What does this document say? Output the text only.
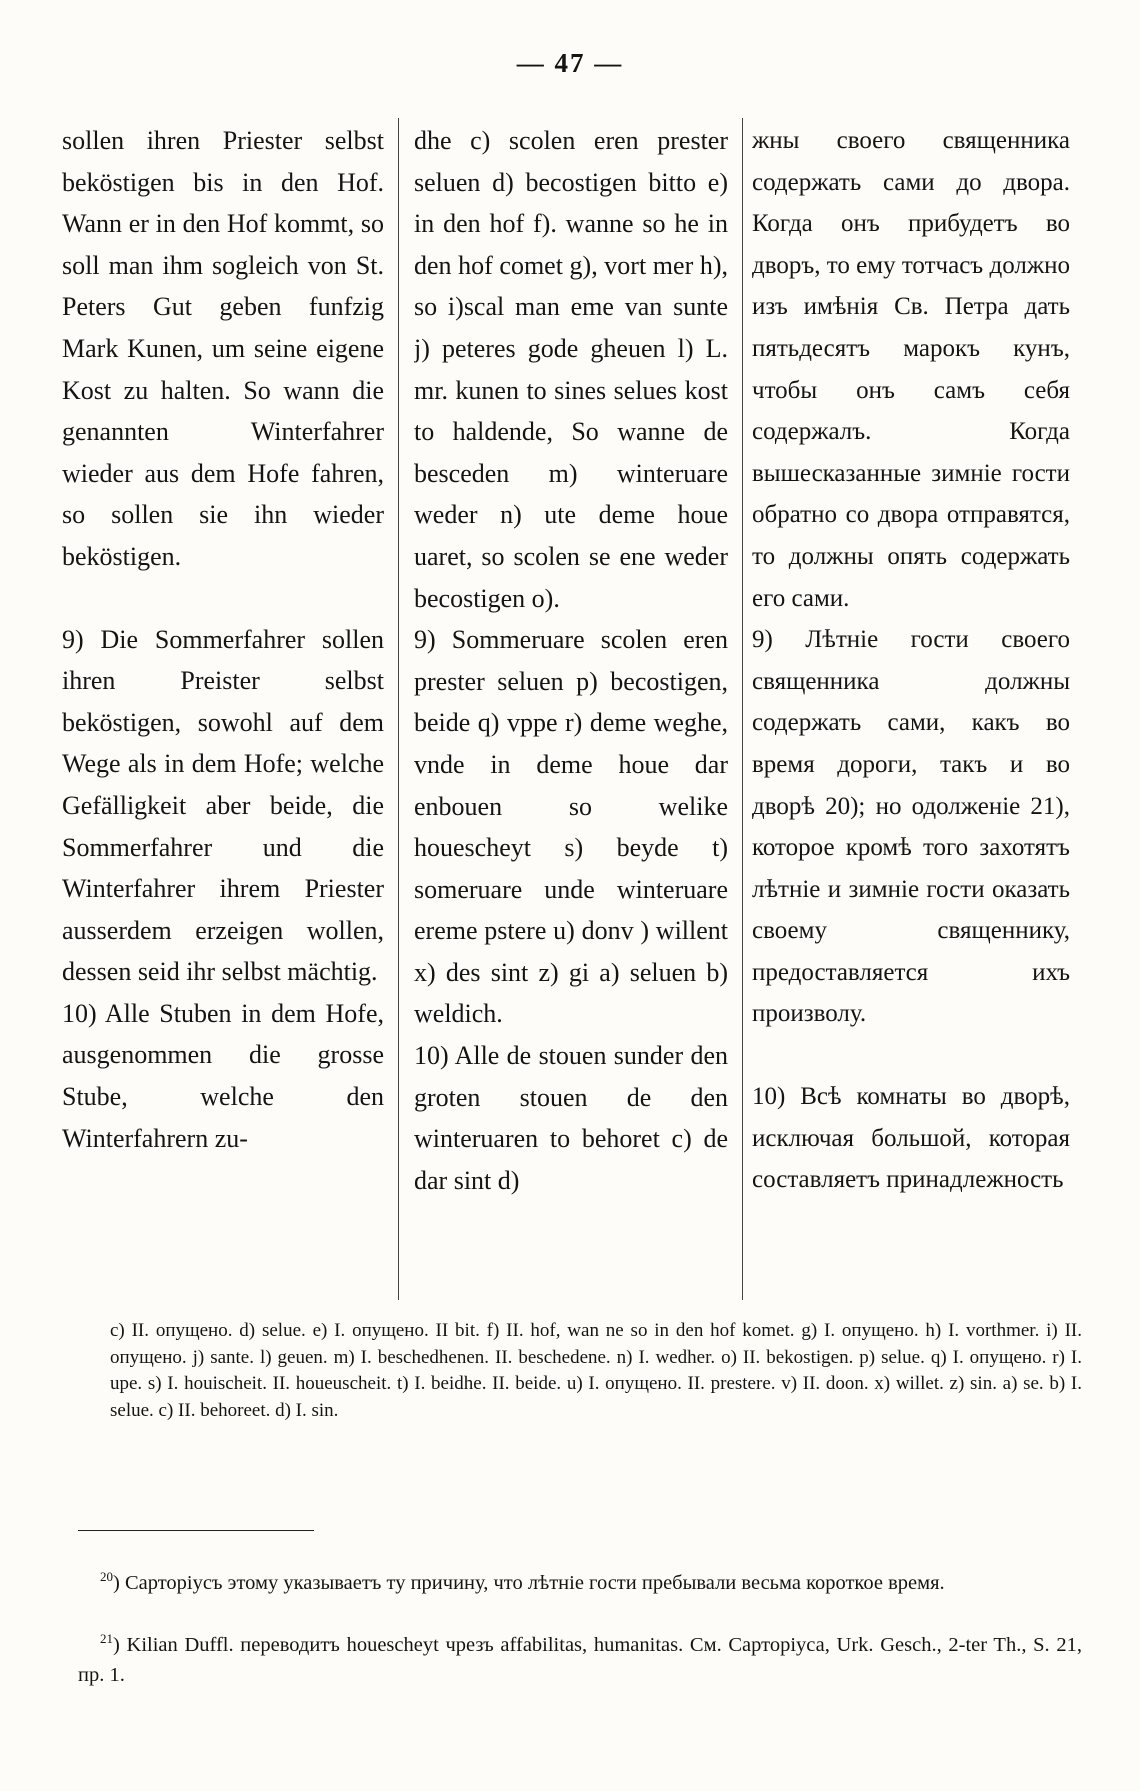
— 47 —

sollen ihren Priester selbst beköstigen bis in den Hof. Wann er in den Hof kommt, so soll man ihm sogleich von St. Peters Gut geben funfzig Mark Kunen, um seine eigene Kost zu halten. So wann die genannten Winterfahrer wieder aus dem Hofe fahren, so sollen sie ihn wieder beköstigen.

9) Die Sommerfahrer sollen ihren Preister selbst beköstigen, sowohl auf dem Wege als in dem Hofe; welche Gefälligkeit aber beide, die Sommerfahrer und die Winterfahrer ihrem Priester ausserdem erzeigen wollen, dessen seid ihr selbst mächtig.

10) Alle Stuben in dem Hofe, ausgenommen die grosse Stube, welche den Winterfahrern zu-

dhe c) scolen eren prester seluen d) becostigen bitto e) in den hof f). wanne so he in den hof comet g), vort mer h), so i)scal man eme van sunte j) peteres gode gheuen l) L. mr. kunen to sines selues kost to haldende, So wanne de besceden m) winteruare weder n) ute deme houe uaret, so scolen se ene weder becostigen o).

9) Sommeruare scolen eren prester seluen p) becostigen, beide q) vppe r) deme weghe, vnde in deme houe dar enbouen so welike houescheyt s) beyde t) someruare unde winteruare ereme pstere u) donv ) willent x) des sint z) gi a) seluen b) weldich.

10) Alle de stouen sunder den groten stouen de den winteruaren to behoret c) de dar sint d)

жны своего священника содержать сами до двора. Когда онъ прибудетъ во дворъ, то ему тотчасъ должно изъ имѣнія Св. Петра дать пятьдесятъ марокъ кунъ, чтобы онъ самъ себя содержалъ. Когда вышесказанные зимніе гости обратно со двора отправятся, то должны опять содержать его сами.

9) Лѣтніе гости своего священника должны содержать сами, какъ во время дороги, такъ и во дворѣ 20); но одолженіе 21), которое кромѣ того захотятъ лѣтніе и зимніе гости оказать своему священнику, предоставляется ихъ произволу.

10) Всѣ комнаты во дворѣ, исключая большой, которая составляетъ принадлежность

c) II. опущено. d) selue. e) I. опущено. II bit. f) II. hof, wan ne so in den hof komet. g) I. опущено. h) I. vorthmer. i) II. опущено. j) sante. l) geuen. m) I. beschedhenen. II. beschedene. n) I. wedher. o) II. bekostigen. p) selue. q) I. опущено. r) I. upe. s) I. houischeit. II. houeuscheit. t) I. beidhe. II. beide. u) I. опущено. II. prestere. v) II. doon. x) willet. z) sin. a) se. b) I. selue. c) II. behoreet. d) I. sin.

$^{20}$) Сарторіусъ этому указываетъ ту причину, что лѣтніе гости пребывали весьма короткое время.

$^{21}$) Kilian Duffl. переводитъ houescheyt чрезъ affabilitas, humanitas. См. Сарторіуса, Urk. Gesch., 2-ter Th., S. 21, пр. 1.
